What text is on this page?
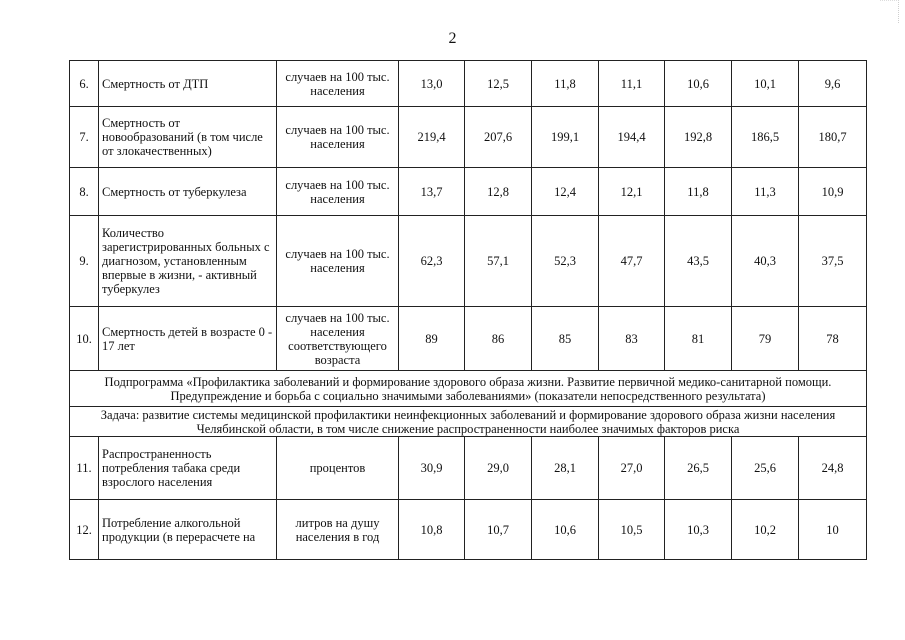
2
6.	Смертность от ДТП	случаев на 100 тыс. населения	13,0	12,5	11,8	11,1	10,6	10,1	9,6
7.	Смертность от новообразований (в том числе от злокачественных)	случаев на 100 тыс. населения	219,4	207,6	199,1	194,4	192,8	186,5	180,7
8.	Смертность от туберкулеза	случаев на 100 тыс. населения	13,7	12,8	12,4	12,1	11,8	11,3	10,9
9.	Количество зарегистрированных больных с диагнозом, установленным впервые в жизни, - активный туберкулез	случаев на 100 тыс. населения	62,3	57,1	52,3	47,7	43,5	40,3	37,5
10.	Смертность детей в возрасте 0 - 17 лет	случаев на 100 тыс. населения соответствующего возраста	89	86	85	83	81	79	78
Подпрограмма «Профилактика заболеваний и формирование здорового образа жизни. Развитие первичной медико-санитарной помощи. Предупреждение и борьба с социально значимыми заболеваниями» (показатели непосредственного результата)									
Задача: развитие системы медицинской профилактики неинфекционных заболеваний и формирование здорового образа жизни населения Челябинской области, в том числе снижение распространенности наиболее значимых факторов риска									
11.	Распространенность потребления табака среди взрослого населения	процентов	30,9	29,0	28,1	27,0	26,5	25,6	24,8
12.	Потребление алкогольной продукции (в перерасчете на	литров на душу населения в год	10,8	10,7	10,6	10,5	10,3	10,2	10
